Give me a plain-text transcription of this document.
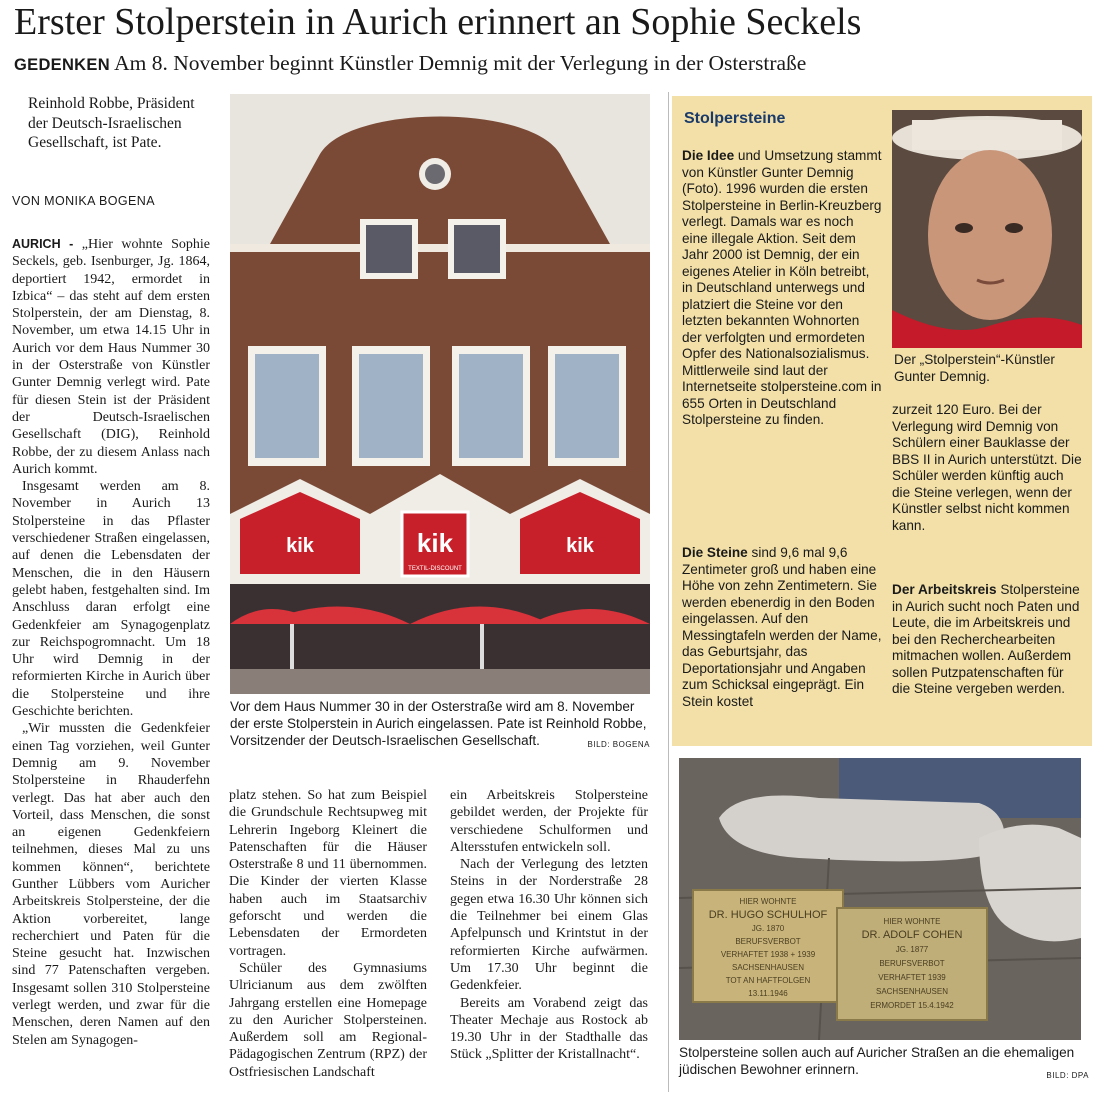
Erster Stolperstein in Aurich erinnert an Sophie Seckels
GEDENKEN Am 8. November beginnt Künstler Demnig mit der Verlegung in der Osterstraße
Reinhold Robbe, Präsident der Deutsch-Israelischen Gesellschaft, ist Pate.
VON MONIKA BOGENA

AURICH - „Hier wohnte Sophie Seckels, geb. Isenburger, Jg. 1864, deportiert 1942, ermordet in Izbica“ – das steht auf dem ersten Stolperstein, der am Dienstag, 8. November, um etwa 14.15 Uhr in Aurich vor dem Haus Nummer 30 in der Osterstraße von Künstler Gunter Demnig verlegt wird. Pate für diesen Stein ist der Präsident der Deutsch-Israelischen Gesellschaft (DIG), Reinhold Robbe, der zu diesem Anlass nach Aurich kommt.

Insgesamt werden am 8. November in Aurich 13 Stolpersteine in das Pflaster verschiedener Straßen eingelassen, auf denen die Lebensdaten der Menschen, die in den Häusern gelebt haben, festgehalten sind. Im Anschluss daran erfolgt eine Gedenkfeier am Synagogenplatz zur Reichspogromnacht. Um 18 Uhr wird Demnig in der reformierten Kirche in Aurich über die Stolpersteine und ihre Geschichte berichten.

„Wir mussten die Gedenkfeier einen Tag vorziehen, weil Gunter Demnig am 9. November Stolpersteine in Rhauderfehn verlegt. Das hat aber auch den Vorteil, dass Menschen, die sonst an eigenen Gedenkfeiern teilnehmen, dieses Mal zu uns kommen können“, berichtete Gunther Lübbers vom Auricher Arbeitskreis Stolpersteine, der die Aktion vorbereitet, lange recherchiert und Paten für die Steine gesucht hat. Inzwischen sind 77 Patenschaften vergeben. Insgesamt sollen 310 Stolpersteine verlegt werden, und zwar für die Menschen, deren Namen auf den Stelen am Synagogen-

kik
kik	kik
TEXTIL-DISCOUNT
Vor dem Haus Nummer 30 in der Osterstraße wird am 8. November der erste Stolperstein in Aurich eingelassen. Pate ist Reinhold Robbe, Vorsitzender der Deutsch-Israelischen Gesellschaft.	BILD: BOGENA

platz stehen. So hat zum Beispiel die Grundschule Rechtsupweg mit Lehrerin Ingeborg Kleinert die Patenschaften für die Häuser Osterstraße 8 und 11 übernommen. Die Kinder der vierten Klasse haben auch im Staatsarchiv geforscht und werden die Lebensdaten der Ermordeten vortragen.

Schüler des Gymnasiums Ulricianum aus dem zwölften Jahrgang erstellen eine Homepage zu den Auricher Stolpersteinen. Außerdem soll am Regional-Pädagogischen Zentrum (RPZ) der Ostfriesischen Landschaft

ein Arbeitskreis Stolpersteine gebildet werden, der Projekte für verschiedene Schulformen und Altersstufen entwickeln soll.

Nach der Verlegung des letzten Steins in der Norderstraße 28 gegen etwa 16.30 Uhr können sich die Teilnehmer bei einem Glas Apfelpunsch und Krintstut in der reformierten Kirche aufwärmen. Um 17.30 Uhr beginnt die Gedenkfeier.

Bereits am Vorabend zeigt das Theater Mechaje aus Rostock ab 19.30 Uhr in der Stadthalle das Stück „Splitter der Kristallnacht“.

Stolpersteine
Die Idee und Umsetzung stammt von Künstler Gunter Demnig (Foto). 1996 wurden die ersten Stolpersteine in Berlin-Kreuzberg verlegt. Damals war es noch eine illegale Aktion. Seit dem Jahr 2000 ist Demnig, der ein eigenes Atelier in Köln betreibt, in Deutschland unterwegs und platziert die Steine vor den letzten bekannten Wohnorten der verfolgten und ermordeten Opfer des Nationalsozialismus. Mittlerweile sind laut der Internetseite stolpersteine.com in 655 Orten in Deutschland Stolpersteine zu finden.
Die Steine sind 9,6 mal 9,6 Zentimeter groß und haben eine Höhe von zehn Zentimetern. Sie werden ebenerdig in den Boden eingelassen. Auf den Messingtafeln werden der Name, das Geburtsjahr, das Deportationsjahr und Angaben zum Schicksal eingeprägt. Ein Stein kostet
Der „Stolperstein“-Künstler Gunter Demnig.
zurzeit 120 Euro. Bei der Verlegung wird Demnig von Schülern einer Bauklasse der BBS II in Aurich unterstützt. Die Schüler werden künftig auch die Steine verlegen, wenn der Künstler selbst nicht kommen kann.
Der Arbeitskreis Stolpersteine in Aurich sucht noch Paten und Leute, die im Arbeitskreis und bei den Recherchearbeiten mitmachen wollen. Außerdem sollen Putzpatenschaften für die Steine vergeben werden.
HIER WOHNTE
DR. HUGO SCHULHOF
JG. 1870
BERUFSVERBOT
VERHAFTET 1938 + 1939
SACHSENHAUSEN
TOT AN HAFTFOLGEN
13.11.1946
HIER WOHNTE
DR. ADOLF COHEN
JG. 1877
BERUFSVERBOT
VERHAFTET 1939
SACHSENHAUSEN
ERMORDET 15.4.1942
Stolpersteine sollen auch auf Auricher Straßen an die ehemaligen jüdischen Bewohner erinnern.	BILD: DPA
